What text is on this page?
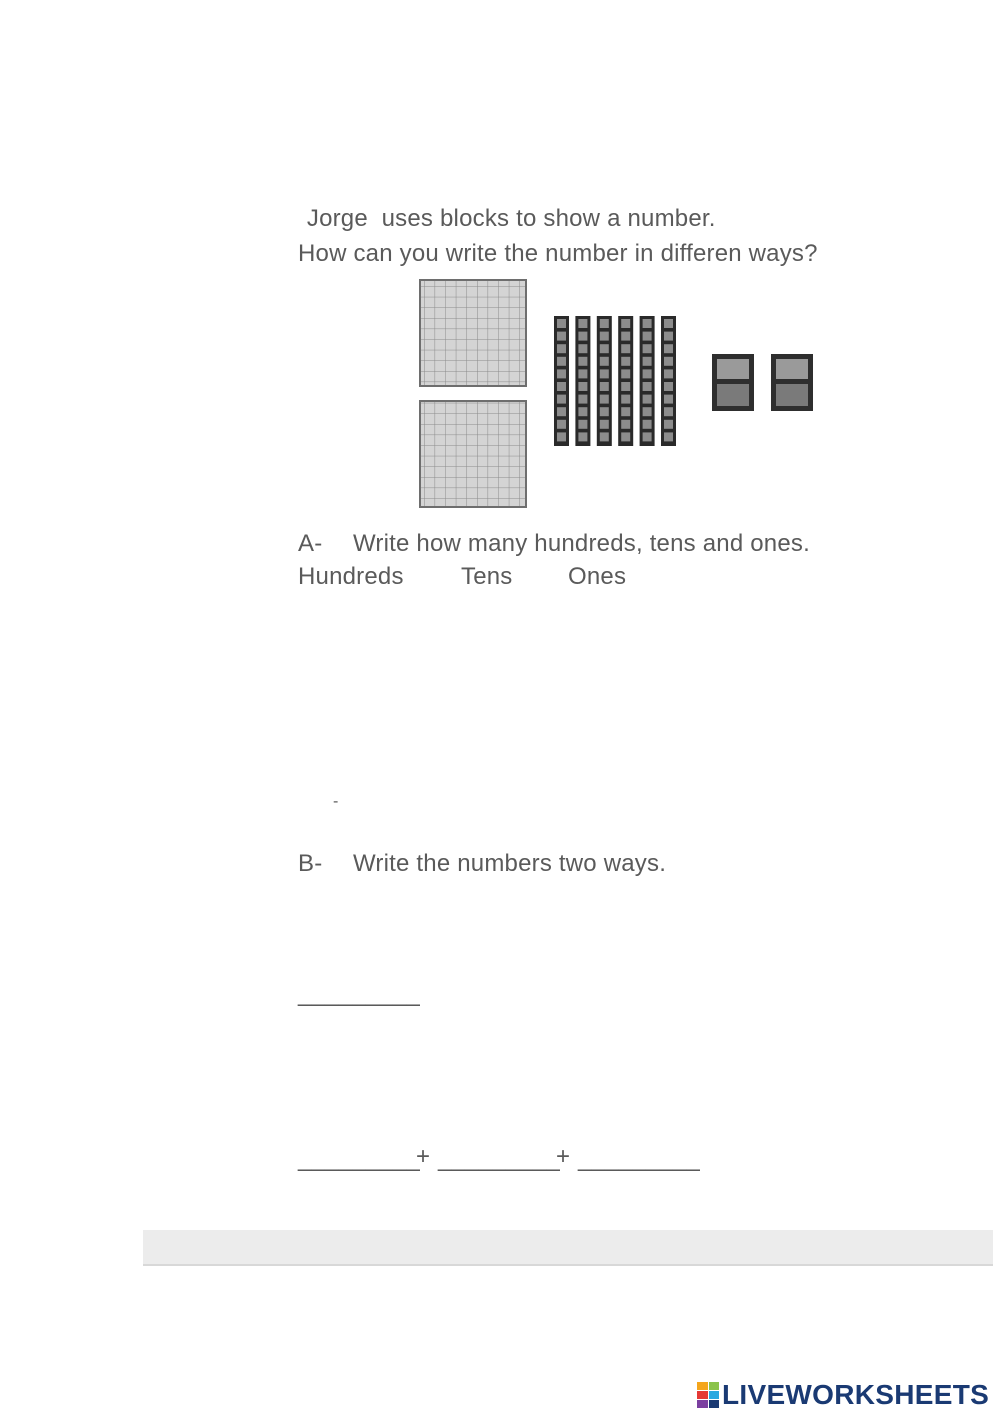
Jorge  uses blocks to show a number.
How can you write the number in differen ways?
A- Write how many hundreds, tens and ones.
Hundreds Tens Ones
-
B- Write the numbers two ways.
_________
_________
+ _________
+ _________
LIVEWORKSHEETS
